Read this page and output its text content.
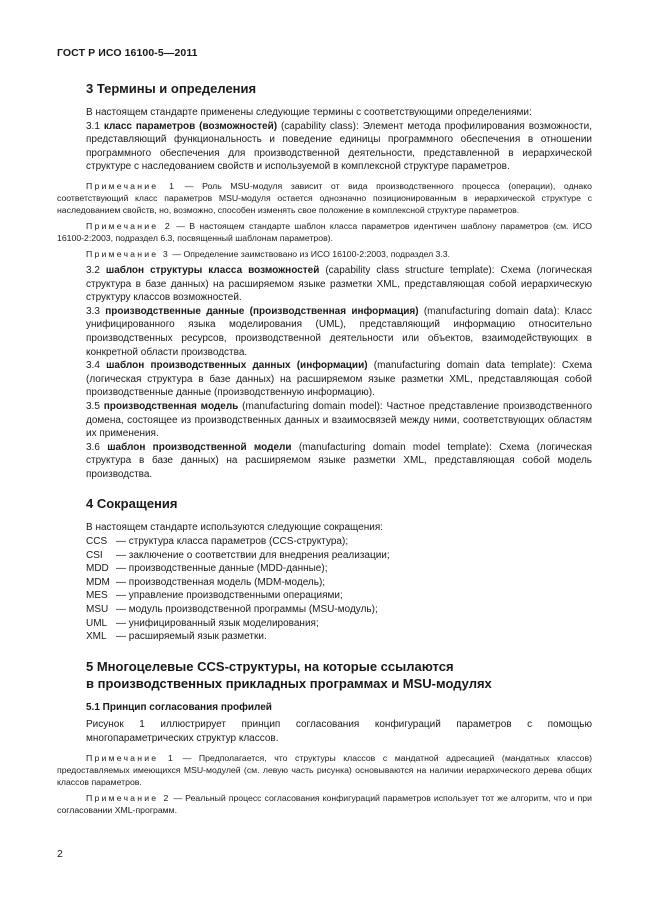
ГОСТ Р ИСО 16100-5—2011
3 Термины и определения

В настоящем стандарте применены следующие термины с соответствующими определениями:

3.1 класс параметров (возможностей) (capability class): Элемент метода профилирования возможности, представляющий функциональность и поведение единицы программного обеспечения в отношении программного обеспечения для производственной деятельности, представленной в иерархической структуре с наследованием свойств и используемой в комплексной структуре параметров.

Примечание 1 — Роль MSU-модуля зависит от вида производственного процесса (операции), однако соответствующий класс параметров MSU-модуля остается однозначно позиционированным в иерархической структуре с наследованием свойств, но, возможно, способен изменять свое положение в комплексной структуре параметров.

Примечание 2 — В настоящем стандарте шаблон класса параметров идентичен шаблону параметров (см. ИСО 16100-2:2003, подраздел 6.3, посвященный шаблонам параметров).

Примечание 3 — Определение заимствовано из ИСО 16100-2:2003, подраздел 3.3.

3.2 шаблон структуры класса возможностей (capability class structure template): Схема (логическая структура в базе данных) на расширяемом языке разметки XML, представляющая собой иерархическую структуру классов возможностей.

3.3 производственные данные (производственная информация) (manufacturing domain data): Класс унифицированного языка моделирования (UML), представляющий информацию относительно производственных ресурсов, производственной деятельности или объектов, взаимодействующих в конкретной области производства.

3.4 шаблон производственных данных (информации) (manufacturing domain data template): Схема (логическая структура в базе данных) на расширяемом языке разметки XML, представляющая собой производственные данные (производственную информацию).

3.5 производственная модель (manufacturing domain model): Частное представление производственного домена, состоящее из производственных данных и взаимосвязей между ними, соответствующих областям их применения.

3.6 шаблон производственной модели (manufacturing domain model template): Схема (логическая структура в базе данных) на расширяемом языке разметки XML, представляющая собой модель производства.

4 Сокращения

В настоящем стандарте используются следующие сокращения:

CCS — структура класса параметров (CCS-структура);
CSI	— заключение о соответствии для внедрения реализации;
MDD — производственные данные (MDD-данные);
MDM — производственная модель (MDM-модель);
MES — управление производственными операциями;
MSU — модуль производственной программы (MSU-модуль);
UML — унифицированный язык моделирования;
XML — расширяемый язык разметки.
5 Многоцелевые CCS-структуры, на которые ссылаются
в производственных прикладных программах и MSU-модулях

5.1 Принцип согласования профилей

Рисунок 1 иллюстрирует принцип согласования конфигураций параметров с помощью многопараметрических структур классов.

Примечание 1 — Предполагается, что структуры классов с мандатной адресацией (мандатных классов) предоставляемых имеющихся MSU-модулей (см. левую часть рисунка) основываются на наличии иерархического дерева общих классов параметров.

Примечание 2 — Реальный процесс согласования конфигураций параметров использует тот же алгоритм, что и при согласовании XML-программ.

2
